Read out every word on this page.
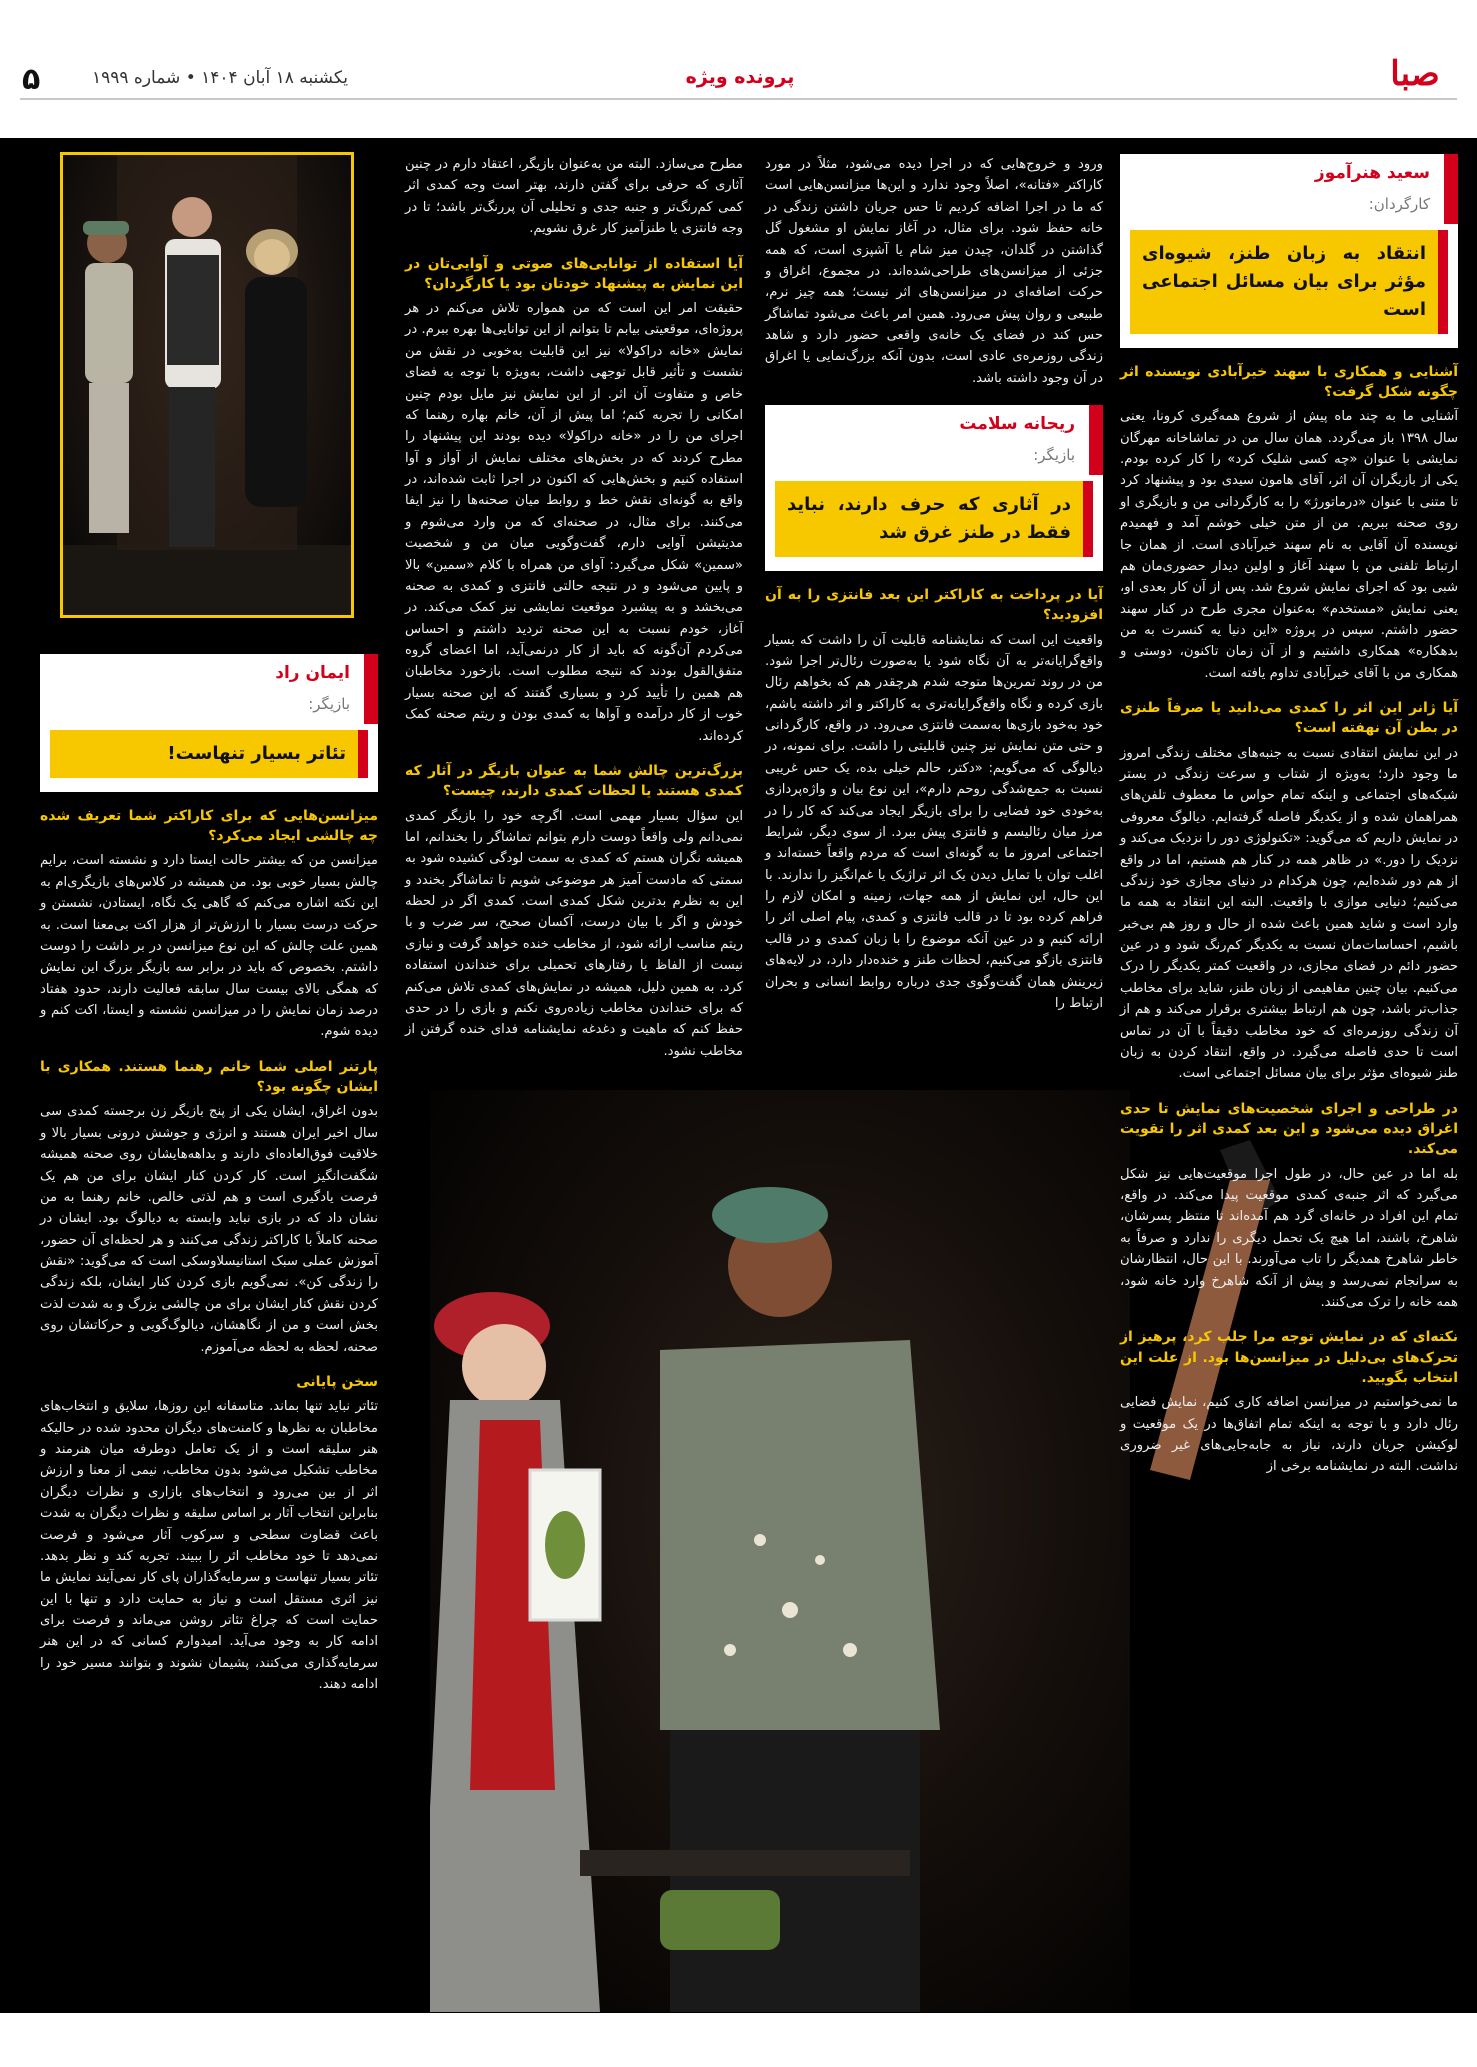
۵	یکشنبه ۱۸ آبان ۱۴۰۴ • شماره ۱۹۹۹	پرونده ویژه	صبا
سعید هنرآموز
کارگردان:
انتقاد به زبان طنز، شیوه‌ای مؤثر برای بیان مسائل اجتماعی است
آشنایی و همکاری با سهند خیرآبادی نویسنده اثر چگونه شکل گرفت؟

آشنایی ما به چند ماه پیش از شروع همه‌گیری کرونا، یعنی سال ۱۳۹۸ باز می‌گردد. همان سال من در تماشاخانه مهرگان نمایشی با عنوان «چه کسی شلیک کرد» را کار کرده بودم. یکی از بازیگران آن اثر، آقای هامون سیدی بود و پیشنهاد کرد تا متنی با عنوان «درماتورژ» را به کارگردانی من و بازیگری او روی صحنه ببریم. من از متن خیلی خوشم آمد و فهمیدم نویسنده آن آقایی به نام سهند خیرآبادی است. از همان جا ارتباط تلفنی من با سهند آغاز و اولین دیدار حضوری‌مان هم شبی بود که اجرای نمایش شروع شد. پس از آن کار بعدی او، یعنی نمایش «مستخدم» به‌عنوان مجری طرح در کنار سهند حضور داشتم. سپس در پروژه «این دنیا یه کنسرت به من بدهکاره» همکاری داشتیم و از آن زمان تاکنون، دوستی و همکاری من با آقای خیرآبادی تداوم یافته است.

آیا ژانر این اثر را کمدی می‌دانید یا صرفاً طنزی در بطن آن نهفته است؟

در این نمایش انتقادی نسبت به جنبه‌های مختلف زندگی امروز ما وجود دارد؛ به‌ویژه از شتاب و سرعت زندگی در بستر شبکه‌های اجتماعی و اینکه تمام حواس ما معطوف تلفن‌های همراهمان شده و از یکدیگر فاصله گرفته‌ایم. دیالوگ معروفی در نمایش داریم که می‌گوید: «تکنولوژی دور را نزدیک می‌کند و نزدیک را دور.» در ظاهر همه در کنار هم هستیم، اما در واقع از هم دور شده‌ایم، چون هرکدام در دنیای مجازی خود زندگی می‌کنیم؛ دنیایی موازی با واقعیت. البته این انتقاد به همه ما وارد است و شاید همین باعث شده از حال و روز هم بی‌خبر باشیم، احساسات‌مان نسبت به یکدیگر کم‌رنگ شود و در عین حضور دائم در فضای مجازی، در واقعیت کمتر یکدیگر را درک می‌کنیم. بیان چنین مفاهیمی از زبان طنز، شاید برای مخاطب جذاب‌تر باشد، چون هم ارتباط بیشتری برقرار می‌کند و هم از آن زندگی روزمره‌ای که خود مخاطب دقیقاً با آن در تماس است تا حدی فاصله می‌گیرد. در واقع، انتقاد کردن به زبان طنز شیوه‌ای مؤثر برای بیان مسائل اجتماعی است.

در طراحی و اجرای شخصیت‌های نمایش تا حدی اغراق دیده می‌شود و این بعد کمدی اثر را تقویت می‌کند.

بله اما در عین حال، در طول اجرا موقعیت‌هایی نیز شکل می‌گیرد که اثر جنبه‌ی کمدی موقعیت پیدا می‌کند. در واقع، تمام این افراد در خانه‌ای گرد هم آمده‌اند تا منتظر پسرشان، شاهرخ، باشند، اما هیچ یک تحمل دیگری را ندارد و صرفاً به خاطر شاهرخ همدیگر را تاب می‌آورند. با این حال، انتظارشان به سرانجام نمی‌رسد و پیش از آنکه شاهرخ وارد خانه شود، همه خانه را ترک می‌کنند.

نکته‌ای که در نمایش توجه مرا جلب کرد، پرهیز از تحرک‌های بی‌دلیل در میزانسن‌ها بود. از علت این انتخاب بگویید.

ما نمی‌خواستیم در میزانسن اضافه کاری کنیم، نمایش فضایی رئال دارد و با توجه به اینکه تمام اتفاق‌ها در یک موقعیت و لوکیشن جریان دارند، نیاز به جابه‌جایی‌های غیر ضروری نداشت. البته در نمایشنامه برخی از

ورود و خروج‌هایی که در اجرا دیده می‌شود، مثلاً در مورد کاراکتر «فتانه»، اصلاً وجود ندارد و این‌ها میزانسن‌هایی است که ما در اجرا اضافه کردیم تا حس جریان داشتن زندگی در خانه حفظ شود. برای مثال، در آغاز نمایش او مشغول گل گذاشتن در گلدان، چیدن میز شام یا آشپزی است، که همه جزئی از میزانسن‌های طراحی‌شده‌اند. در مجموع، اغراق و حرکت اضافه‌ای در میزانسن‌های اثر نیست؛ همه چیز نرم، طبیعی و روان پیش می‌رود. همین امر باعث می‌شود تماشاگر حس کند در فضای یک خانه‌ی واقعی حضور دارد و شاهد زندگی روزمره‌ی عادی است، بدون آنکه بزرگ‌نمایی یا اغراق در آن وجود داشته باشد.

ریحانه سلامت
بازیگر:
در آثاری که حرف دارند، نباید فقط در طنز غرق شد
آیا در پرداخت به کاراکتر این بعد فانتزی را به آن افزودید؟

واقعیت این است که نمایشنامه قابلیت آن را داشت که بسیار واقع‌گرایانه‌تر به آن نگاه شود یا به‌صورت رئال‌تر اجرا شود. من در روند تمرین‌ها متوجه شدم هرچقدر هم که بخواهم رئال بازی کرده و نگاه واقع‌گرایانه‌تری به کاراکتر و اثر داشته باشم، خود به‌خود بازی‌ها به‌سمت فانتزی می‌رود. در واقع، کارگردانی و حتی متن نمایش نیز چنین قابلیتی را داشت. برای نمونه، در دیالوگی که می‌گویم: «دکتر، حالم خیلی بده، یک حس غریبی نسبت به جمع‌شدگی روحم دارم»، این نوع بیان و واژه‌پردازی به‌خودی خود فضایی را برای بازیگر ایجاد می‌کند که کار را در مرز میان رئالیسم و فانتزی پیش ببرد. از سوی دیگر، شرایط اجتماعی امروز ما به گونه‌ای است که مردم واقعاً خسته‌اند و اغلب توان یا تمایل دیدن یک اثر تراژیک یا غم‌انگیز را ندارند. با این حال، این نمایش از همه جهات، زمینه و امکان لازم را فراهم کرده بود تا در قالب فانتزی و کمدی، پیام اصلی اثر را ارائه کنیم و در عین آنکه موضوع را با زبان کمدی و در قالب فانتزی بازگو می‌کنیم، لحظات طنز و خنده‌دار دارد، در لایه‌های زیرینش همان گفت‌وگوی جدی درباره روابط انسانی و بحران ارتباط را

مطرح می‌سازد. البته من به‌عنوان بازیگر، اعتقاد دارم در چنین آثاری که حرفی برای گفتن دارند، بهتر است وجه کمدی اثر کمی کم‌رنگ‌تر و جنبه جدی و تحلیلی آن پررنگ‌تر باشد؛ تا در وجه فانتزی یا طنزآمیز کار غرق نشویم.

آیا استفاده از توانایی‌های صوتی و آوایی‌تان در این نمایش به پیشنهاد خودتان بود یا کارگردان؟

حقیقت امر این است که من همواره تلاش می‌کنم در هر پروژه‌ای، موقعیتی بیابم تا بتوانم از این توانایی‌ها بهره ببرم. در نمایش «خانه دراکولا» نیز این قابلیت به‌خوبی در نقش من نشست و تأثیر قابل توجهی داشت، به‌ویژه با توجه به فضای خاص و متفاوت آن اثر. از این نمایش نیز مایل بودم چنین امکانی را تجربه کنم؛ اما پیش از آن، خانم بهاره رهنما که اجرای من را در «خانه دراکولا» دیده بودند این پیشنهاد را مطرح کردند که در بخش‌های مختلف نمایش از آواز و آوا استفاده کنیم و بخش‌هایی که اکنون در اجرا ثابت شده‌اند، در واقع به گونه‌ای نقش خط و روابط میان صحنه‌ها را نیز ایفا می‌کنند. برای مثال، در صحنه‌ای که من وارد می‌شوم و مدیتیشن آوایی دارم، گفت‌وگویی میان من و شخصیت «سمین» شکل می‌گیرد: آوای من همراه با کلام «سمین» بالا و پایین می‌شود و در نتیجه حالتی فانتزی و کمدی به صحنه می‌بخشد و به پیشبرد موقعیت نمایشی نیز کمک می‌کند. در آغاز، خودم نسبت به این صحنه تردید داشتم و احساس می‌کردم آن‌گونه که باید از کار درنمی‌آید، اما اعضای گروه متفق‌القول بودند که نتیجه مطلوب است. بازخورد مخاطبان هم همین را تأیید کرد و بسیاری گفتند که این صحنه بسیار خوب از کار درآمده و آواها به کمدی بودن و ریتم صحنه کمک کرده‌اند.

بزرگ‌ترین چالش شما به عنوان بازیگر در آثار که کمدی هستند یا لحظات کمدی دارند، چیست؟

این سؤال بسیار مهمی است. اگرچه خود را بازیگر کمدی نمی‌دانم ولی واقعاً دوست دارم بتوانم تماشاگر را بخندانم، اما همیشه نگران هستم که کمدی به سمت لودگی کشیده شود به سمتی که مادست آمیز هر موضوعی شویم تا تماشاگر بخندد و این به نظرم بدترین شکل کمدی است. کمدی اگر در لحظه خودش و اگر با بیان درست، آکسان صحیح، سر ضرب و با ریتم مناسب ارائه شود، از مخاطب خنده خواهد گرفت و نیازی نیست از الفاظ یا رفتارهای تحمیلی برای خنداندن استفاده کرد. به همین دلیل، همیشه در نمایش‌های کمدی تلاش می‌کنم که برای خنداندن مخاطب زیاده‌روی نکنم و بازی را در حدی حفظ کنم که ماهیت و دغدغه نمایشنامه فدای خنده گرفتن از مخاطب نشود.

ایمان راد
بازیگر:
تئاتر بسیار تنهاست!
میزانسن‌هایی که برای کاراکتر شما تعریف شده چه چالشی ایجاد می‌کرد؟

میزانسن من که بیشتر حالت ایستا دارد و نشسته است، برایم چالش بسیار خوبی بود. من همیشه در کلاس‌های بازیگری‌ام به این نکته اشاره می‌کنم که گاهی یک نگاه، ایستادن، نشستن و حرکت درست بسیار با ارزش‌تر از هزار اکت بی‌معنا است. به همین علت چالش که این نوع میزانسن در بر داشت را دوست داشتم. بخصوص که باید در برابر سه بازیگر بزرگ این نمایش که همگی بالای بیست سال سابقه فعالیت دارند، حدود هفتاد درصد زمان نمایش را در میزانسن نشسته و ایستا، اکت کنم و دیده شوم.

پارتنر اصلی شما خانم رهنما هستند. همکاری با ایشان چگونه بود؟

بدون اغراق، ایشان یکی از پنج بازیگر زن برجسته کمدی سی سال اخیر ایران هستند و انرژی و جوشش درونی بسیار بالا و خلاقیت فوق‌العاده‌ای دارند و بداهه‌هایشان روی صحنه همیشه شگفت‌انگیز است. کار کردن کنار ایشان برای من هم یک فرصت یادگیری است و هم لذتی خالص. خانم رهنما به من نشان داد که در بازی نباید وابسته به دیالوگ بود. ایشان در صحنه کاملاً با کاراکتر زندگی می‌کنند و هر لحظه‌ای آن حضور، آموزش عملی سبک استانیسلاوسکی است که می‌گوید: «نقش را زندگی کن». نمی‌گویم بازی کردن کنار ایشان، بلکه زندگی کردن نقش کنار ایشان برای من چالشی بزرگ و به شدت لذت بخش است و من از نگاهشان، دیالوگ‌گویی و حرکاتشان روی صحنه، لحظه به لحظه می‌آموزم.

سخن پایانی

تئاتر نباید تنها بماند. متاسفانه این روزها، سلایق و انتخاب‌های مخاطبان به نظرها و کامنت‌های دیگران محدود شده در حالیکه هنر سلیقه است و از یک تعامل دوطرفه میان هنرمند و مخاطب تشکیل می‌شود بدون مخاطب، نیمی از معنا و ارزش اثر از بین می‌رود و انتخاب‌های بازاری و نظرات دیگران بنابراین انتخاب آثار بر اساس سلیقه و نظرات دیگران به شدت باعث قضاوت سطحی و سرکوب آثار می‌شود و فرصت نمی‌دهد تا خود مخاطب اثر را ببیند. تجربه کند و نظر بدهد. تئاتر بسیار تنهاست و سرمایه‌گذاران پای کار نمی‌آیند نمایش ما نیز اثری مستقل است و نیاز به حمایت دارد و تنها با این حمایت است که چراغ تئاتر روشن می‌ماند و فرصت برای ادامه کار به وجود می‌آید. امیدوارم کسانی که در این هنر سرمایه‌گذاری می‌کنند، پشیمان نشوند و بتوانند مسیر خود را ادامه دهند.
